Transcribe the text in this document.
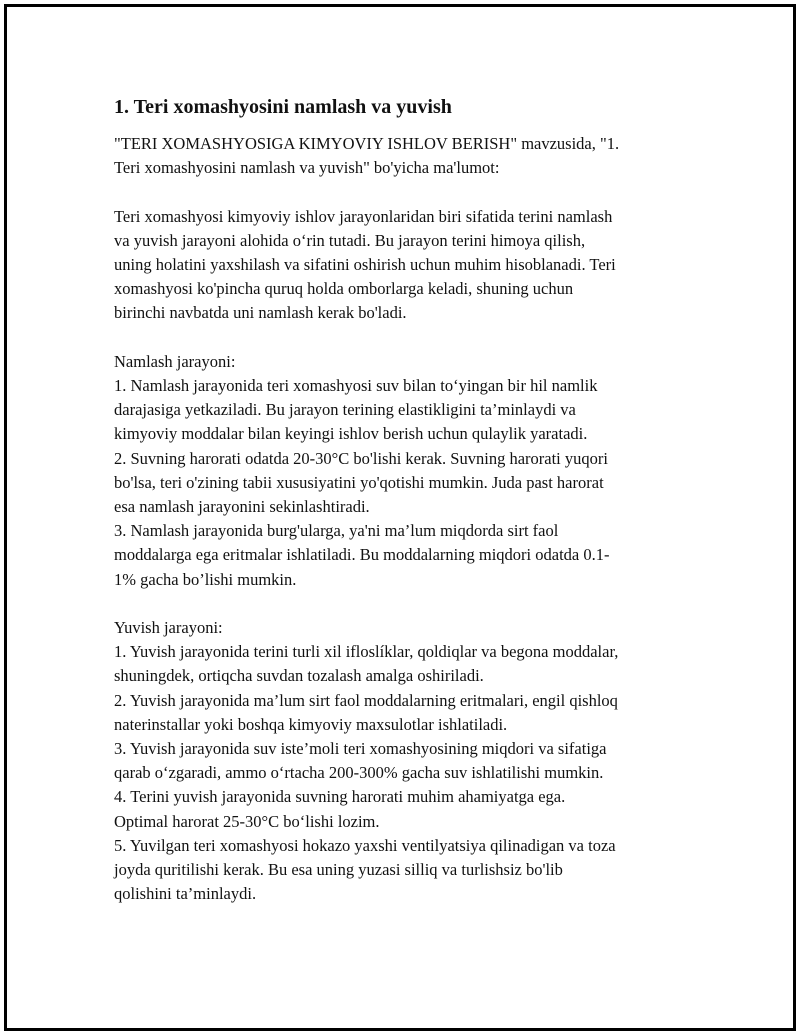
1. Teri xomashyosini namlash va yuvish

"TERI XOMASHYOSIGA KIMYOVIY ISHLOV BERISH" mavzusida, "1.
Teri xomashyosini namlash va yuvish" bo'yicha ma'lumot:

Teri xomashyosi kimyoviy ishlov jarayonlaridan biri sifatida terini namlash
va yuvish jarayoni alohida o‘rin tutadi. Bu jarayon terini himoya qilish,
uning holatini yaxshilash va sifatini oshirish uchun muhim hisoblanadi. Teri
xomashyosi ko'pincha quruq holda omborlarga keladi, shuning uchun
birinchi navbatda uni namlash kerak bo'ladi.

Namlash jarayoni:

1. Namlash jarayonida teri xomashyosi suv bilan to‘yingan bir hil namlik
darajasiga yetkaziladi. Bu jarayon terining elastikligini ta’minlaydi va
kimyoviy moddalar bilan keyingi ishlov berish uchun qulaylik yaratadi.

2. Suvning harorati odatda 20-30°C bo'lishi kerak. Suvning harorati yuqori
bo'lsa, teri o'zining tabii xususiyatini yo'qotishi mumkin. Juda past harorat
esa namlash jarayonini sekinlashtiradi.

3. Namlash jarayonida burg'ularga, ya'ni ma’lum miqdorda sirt faol
moddalarga ega eritmalar ishlatiladi. Bu moddalarning miqdori odatda 0.1-
1% gacha bo’lishi mumkin.

Yuvish jarayoni:

1. Yuvish jarayonida terini turli xil ifloslíklar, qoldiqlar va begona moddalar,
shuningdek, ortiqcha suvdan tozalash amalga oshiriladi.

2. Yuvish jarayonida ma’lum sirt faol moddalarning eritmalari, engil qishloq
naterinstallar yoki boshqa kimyoviy maxsulotlar ishlatiladi.

3. Yuvish jarayonida suv iste’moli teri xomashyosining miqdori va sifatiga
qarab o‘zgaradi, ammo o‘rtacha 200-300% gacha suv ishlatilishi mumkin.

4. Terini yuvish jarayonida suvning harorati muhim ahamiyatga ega.
Optimal harorat 25-30°C bo‘lishi lozim.

5. Yuvilgan teri xomashyosi hokazo yaxshi ventilyatsiya qilinadigan va toza
joyda quritilishi kerak. Bu esa uning yuzasi silliq va turlishsiz bo'lib
qolishini ta’minlaydi.
